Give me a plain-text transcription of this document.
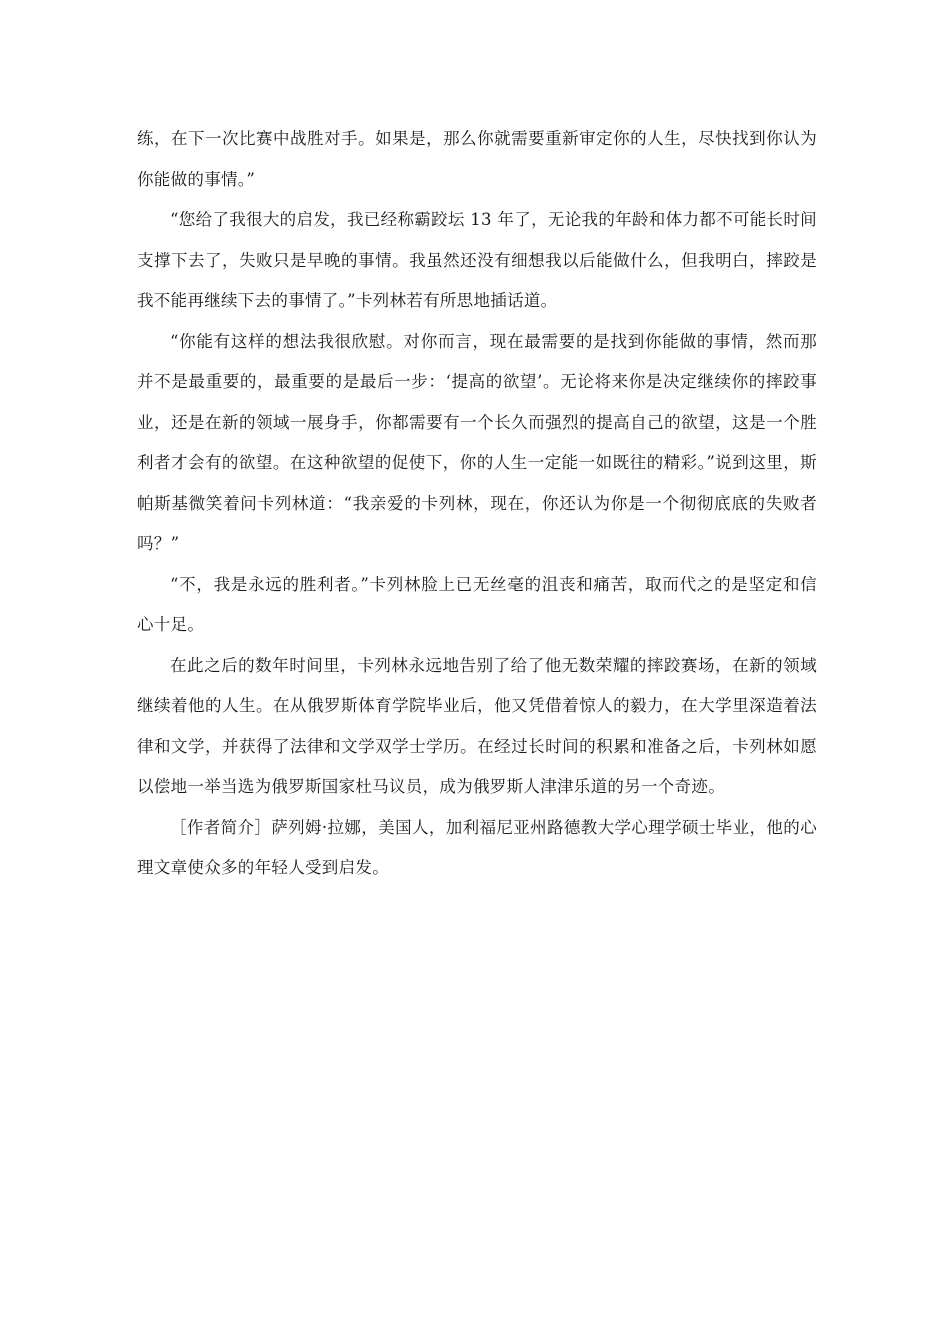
练，在下一次比赛中战胜对手。如果是，那么你就需要重新审定你的人生，尽快找到你认为你能做的事情。”

“您给了我很大的启发，我已经称霸跤坛 13 年了，无论我的年龄和体力都不可能长时间支撑下去了，失败只是早晚的事情。我虽然还没有细想我以后能做什么，但我明白，摔跤是我不能再继续下去的事情了。”卡列林若有所思地插话道。

“你能有这样的想法我很欣慰。对你而言，现在最需要的是找到你能做的事情，然而那并不是最重要的，最重要的是最后一步：‘提高的欲望’。无论将来你是决定继续你的摔跤事业，还是在新的领域一展身手，你都需要有一个长久而强烈的提高自己的欲望，这是一个胜利者才会有的欲望。在这种欲望的促使下，你的人生一定能一如既往的精彩。”说到这里，斯帕斯基微笑着问卡列林道：“我亲爱的卡列林，现在，你还认为你是一个彻彻底底的失败者吗？”

“不，我是永远的胜利者。”卡列林脸上已无丝毫的沮丧和痛苦，取而代之的是坚定和信心十足。

在此之后的数年时间里，卡列林永远地告别了给了他无数荣耀的摔跤赛场，在新的领域继续着他的人生。在从俄罗斯体育学院毕业后，他又凭借着惊人的毅力，在大学里深造着法律和文学，并获得了法律和文学双学士学历。在经过长时间的积累和准备之后，卡列林如愿以偿地一举当选为俄罗斯国家杜马议员，成为俄罗斯人津津乐道的另一个奇迹。

［作者简介］萨列姆·拉娜，美国人，加利福尼亚州路德教大学心理学硕士毕业，他的心理文章使众多的年轻人受到启发。
